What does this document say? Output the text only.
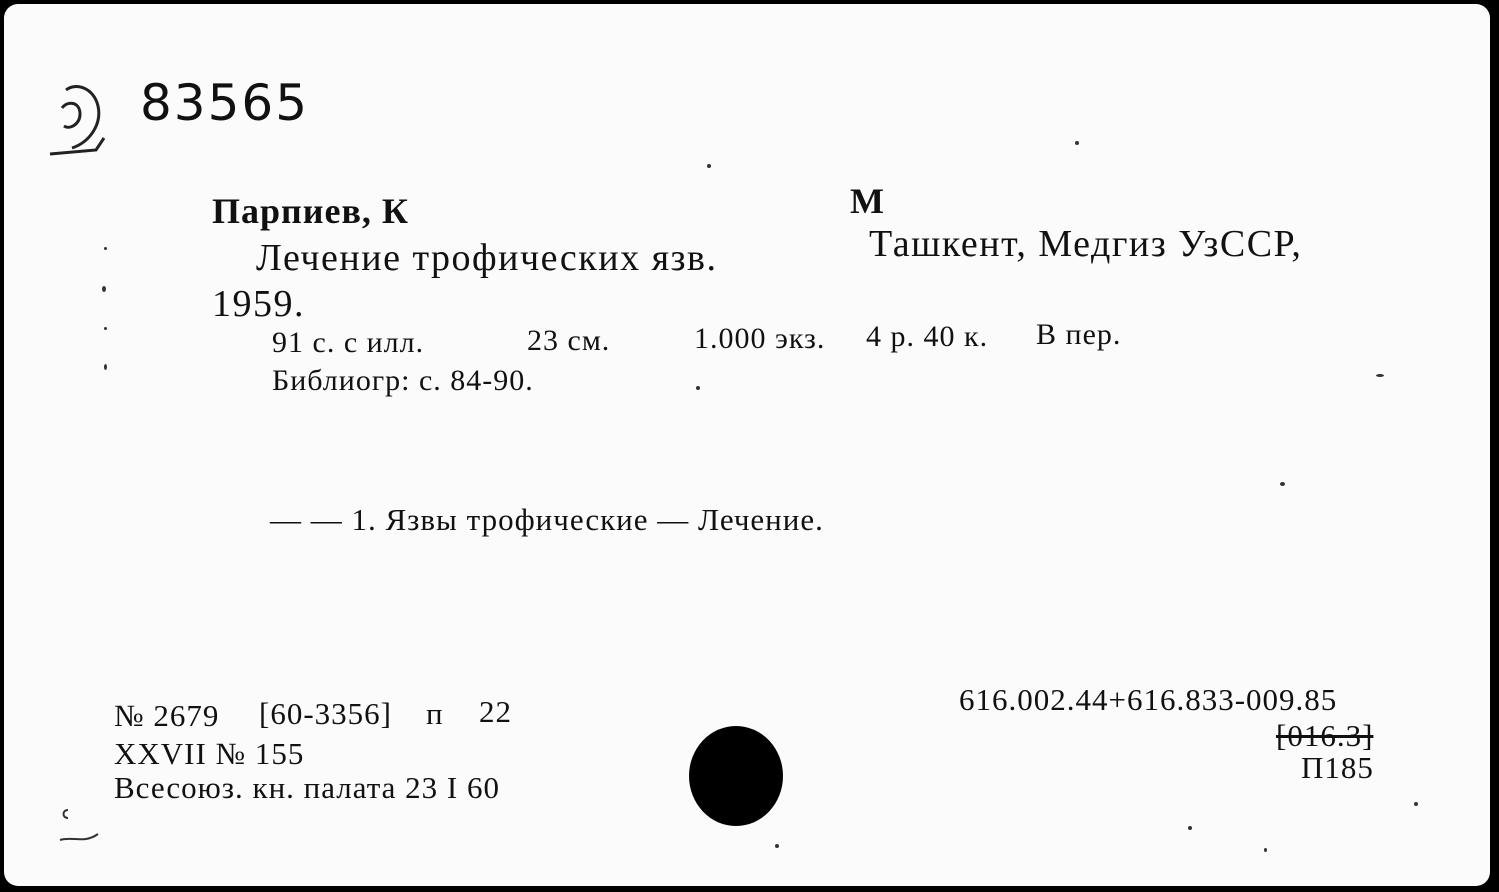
83565
Парпиев, К	М
Лечение трофических язв.	Ташкент, Медгиз УзССР,
1959.
91 с. с илл.	23 см.	1.000 экз. 4 р. 40 к. В пер.
Библиогр: с. 84-90.
— — 1. Язвы трофические — Лечение.
№ 2679 [60-3356] п 22
XXVII № 155
Всесоюз. кн. палата 23 I 60
616.002.44+616.833-009.85
[016.3]
П185
